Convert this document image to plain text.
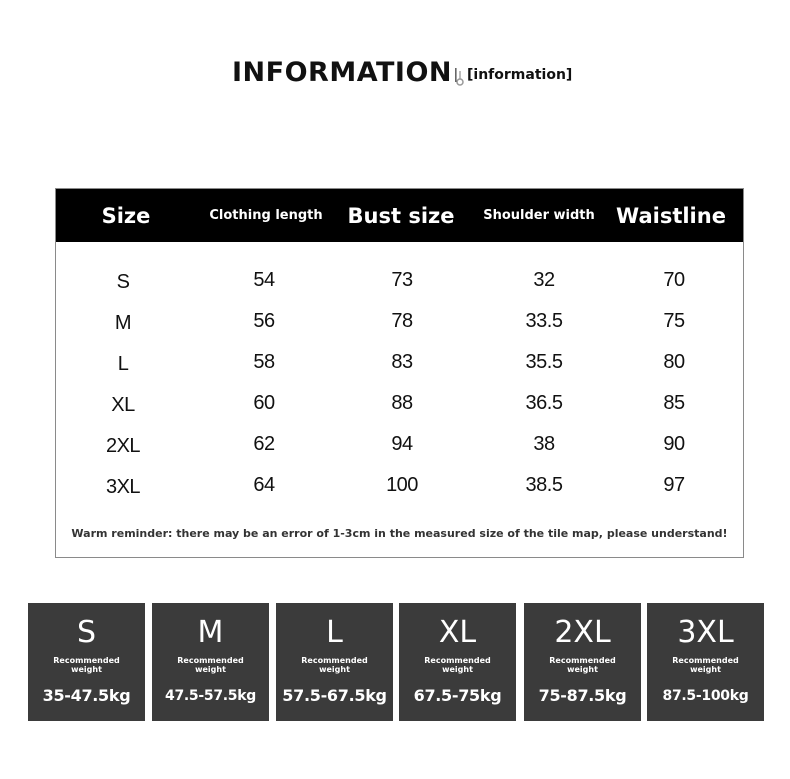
INFORMATION [information]
Size	Clothing length	Bust size	Shoulder width	Waistline
S	54	73	32	70
M	56	78	33.5	75
L	58	83	35.5	80
XL	60	88	36.5	85
2XL	62	94	38	90
3XL	64	100	38.5	97
Warm reminder: there may be an error of 1-3cm in the measured size of the tile map, please understand!
S
Recommended
weight
35-47.5kg
M
Recommended
weight
47.5-57.5kg
L
Recommended
weight
57.5-67.5kg
XL
Recommended
weight
67.5-75kg
2XL
Recommended
weight
75-87.5kg
3XL
Recommended
weight
87.5-100kg
